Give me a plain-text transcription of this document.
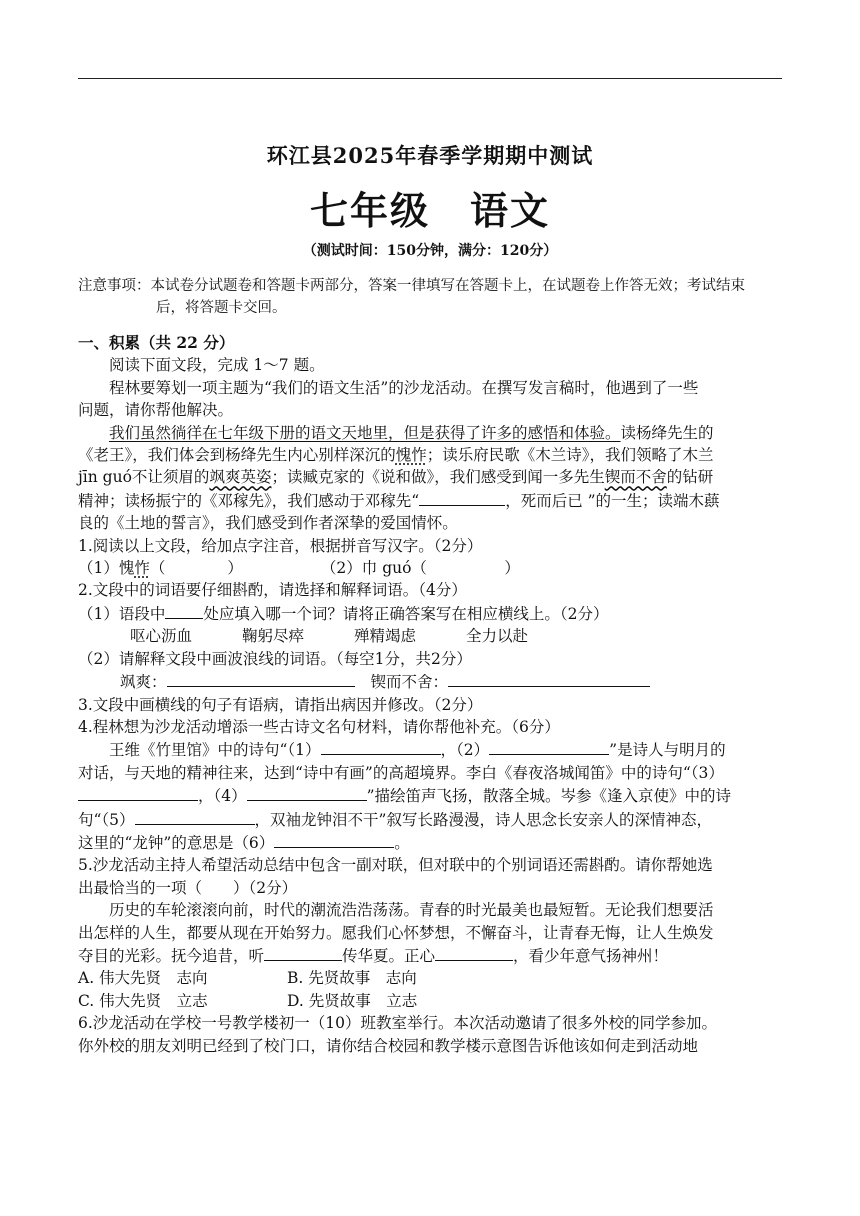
环江县2025年春季学期期中测试
七年级　语文
（测试时间：150分钟，满分：120分）
注意事项：本试卷分试题卷和答题卡两部分，答案一律填写在答题卡上，在试题卷上作答无效；考试结束
后，将答题卡交回。
一、积累（共 22 分）
阅读下面文段，完成 1～7 题。
程林要筹划一项主题为“我们的语文生活”的沙龙活动。在撰写发言稿时，他遇到了一些
问题，请你帮他解决。
我们虽然徜徉在七年级下册的语文天地里，但是获得了许多的感悟和体验。读杨绛先生的
《老王》，我们体会到杨绛先生内心别样深沉的愧怍；读乐府民歌《木兰诗》，我们领略了木兰
jīn guó不让须眉的飒爽英姿；读臧克家的《说和做》，我们感受到闻一多先生锲而不舍的钻研
精神；读杨振宁的《邓稼先》，我们感动于邓稼先“	，死而后已 ”的一生；读端木蕻
良的《土地的誓言》，我们感受到作者深挚的爱国情怀。
1.阅读以上文段，给加点字注音，根据拼音写汉字。（2分）
（1）愧怍（　　　　）	（2）巾 guó（　　　　　）
2.文段中的词语要仔细斟酌，请选择和解释词语。（4分）
（1）语段中 处应填入哪一个词？请将正确答案写在相应横线上。（2分）
呕心沥血	鞠躬尽瘁	殚精竭虑	全力以赴
（2）请解释文段中画波浪线的词语。（每空1分，共2分）
飒爽：	锲而不舍：
3.文段中画横线的句子有语病，请指出病因并修改。（2分）
4.程林想为沙龙活动增添一些古诗文名句材料，请你帮他补充。（6分）
王维《竹里馆》中的诗句“（1）	，（2）	”是诗人与明月的
对话，与天地的精神往来，达到“诗中有画”的高超境界。李白《春夜洛城闻笛》中的诗句“（3）
，（4）	”描绘笛声飞扬，散落全城。岑参《逢入京使》中的诗
句“（5）	，双袖龙钟泪不干”叙写长路漫漫，诗人思念长安亲人的深情神态，
这里的“龙钟”的意思是（6）	。
5.沙龙活动主持人希望活动总结中包含一副对联，但对联中的个别词语还需斟酌。请你帮她选
出最恰当的一项（　　）（2分）
历史的车轮滚滚向前，时代的潮流浩浩荡荡。青春的时光最美也最短暂。无论我们想要活
出怎样的人生，都要从现在开始努力。愿我们心怀梦想，不懈奋斗，让青春无悔，让人生焕发
夺目的光彩。抚今追昔，听	传华夏。正心	，看少年意气扬神州！
A. 伟大先贤　志向	B. 先贤故事　志向
C. 伟大先贤　立志	D. 先贤故事　立志
6.沙龙活动在学校一号教学楼初一（10）班教室举行。本次活动邀请了很多外校的同学参加。
你外校的朋友刘明已经到了校门口，请你结合校园和教学楼示意图告诉他该如何走到活动地
